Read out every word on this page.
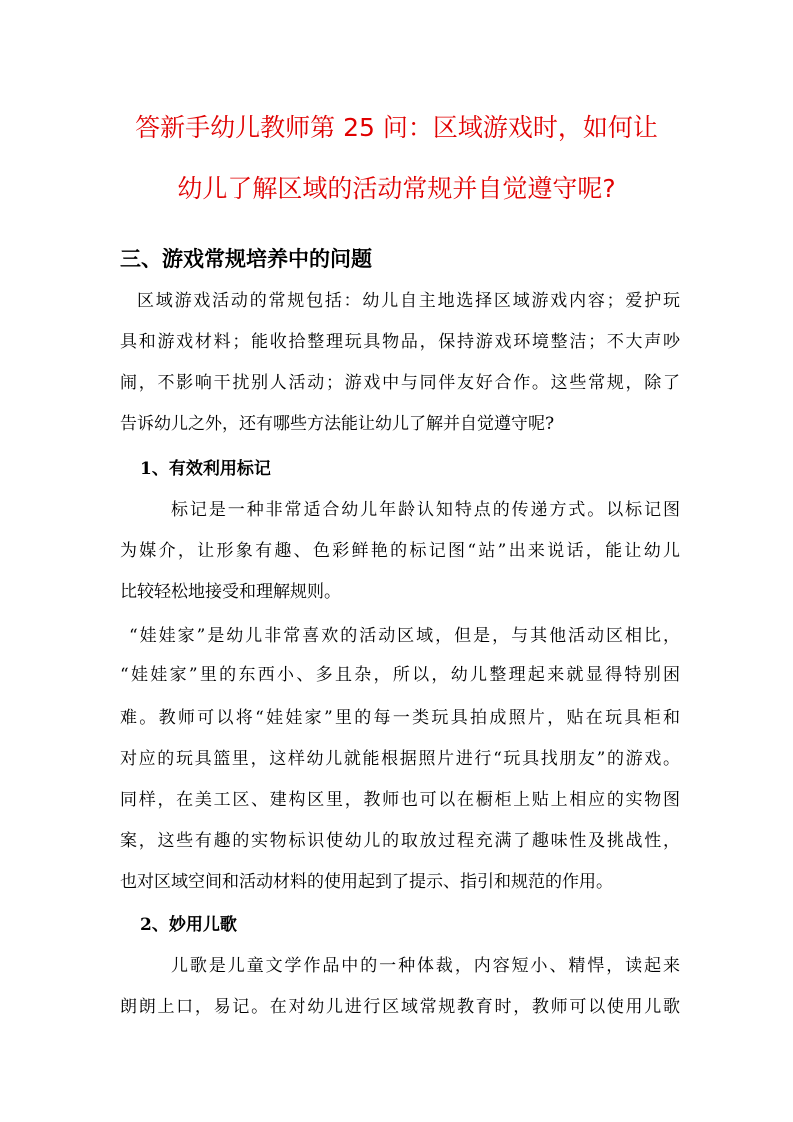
答新手幼儿教师第 25 问：区域游戏时，如何让
幼儿了解区域的活动常规并自觉遵守呢?
三、游戏常规培养中的问题
区域游戏活动的常规包括：幼儿自主地选择区域游戏内容；爱护玩
具和游戏材料；能收拾整理玩具物品，保持游戏环境整洁；不大声吵
闹，不影响干扰别人活动；游戏中与同伴友好合作。这些常规，除了
告诉幼儿之外，还有哪些方法能让幼儿了解并自觉遵守呢?
1、有效利用标记
标记是一种非常适合幼儿年龄认知特点的传递方式。以标记图
为媒介，让形象有趣、色彩鲜艳的标记图“站”出来说话，能让幼儿
比较轻松地接受和理解规则。
“娃娃家”是幼儿非常喜欢的活动区域，但是，与其他活动区相比，
“娃娃家”里的东西小、多且杂，所以，幼儿整理起来就显得特别困
难。教师可以将“娃娃家”里的每一类玩具拍成照片，贴在玩具柜和
对应的玩具篮里，这样幼儿就能根据照片进行“玩具找朋友”的游戏。
同样，在美工区、建构区里，教师也可以在橱柜上贴上相应的实物图
案，这些有趣的实物标识使幼儿的取放过程充满了趣味性及挑战性，
也对区域空间和活动材料的使用起到了提示、指引和规范的作用。
2、妙用儿歌
儿歌是儿童文学作品中的一种体裁，内容短小、精悍，读起来
朗朗上口，易记。在对幼儿进行区域常规教育时，教师可以使用儿歌
